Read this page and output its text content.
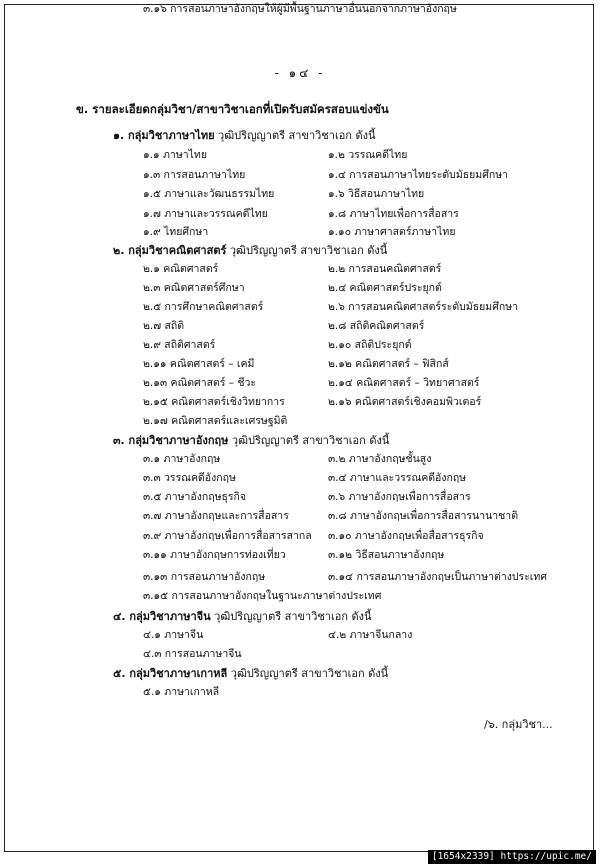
- ๑๔ -
ข. รายละเอียดกลุ่มวิชา/สาขาวิชาเอกที่เปิดรับสมัครสอบแข่งขัน
๑. กลุ่มวิชาภาษาไทย วุฒิปริญญาตรี สาขาวิชาเอก ดังนี้
๑.๑ ภาษาไทย	๑.๒ วรรณคดีไทย
๑.๓ การสอนภาษาไทย	๑.๔ การสอนภาษาไทยระดับมัธยมศึกษา
๑.๕ ภาษาและวัฒนธรรมไทย	๑.๖ วิธีสอนภาษาไทย
๑.๗ ภาษาและวรรณคดีไทย	๑.๘ ภาษาไทยเพื่อการสื่อสาร
๑.๙ ไทยศึกษา	๑.๑๐ ภาษาศาสตร์ภาษาไทย
๒. กลุ่มวิชาคณิตศาสตร์ วุฒิปริญญาตรี สาขาวิชาเอก ดังนี้
๒.๑ คณิตศาสตร์	๒.๒ การสอนคณิตศาสตร์
๒.๓ คณิตศาสตร์ศึกษา	๒.๔ คณิตศาสตร์ประยุกต์
๒.๕ การศึกษาคณิตศาสตร์	๒.๖ การสอนคณิตศาสตร์ระดับมัธยมศึกษา
๒.๗ สถิติ	๒.๘ สถิติคณิตศาสตร์
๒.๙ สถิติศาสตร์	๒.๑๐ สถิติประยุกต์
๒.๑๑ คณิตศาสตร์ – เคมี	๒.๑๒ คณิตศาสตร์ – ฟิสิกส์
๒.๑๓ คณิตศาสตร์ – ชีวะ	๒.๑๔ คณิตศาสตร์ – วิทยาศาสตร์
๒.๑๕ คณิตศาสตร์เชิงวิทยาการ	๒.๑๖ คณิตศาสตร์เชิงคอมพิวเตอร์
๒.๑๗ คณิตศาสตร์และเศรษฐมิติ
๓. กลุ่มวิชาภาษาอังกฤษ วุฒิปริญญาตรี สาขาวิชาเอก ดังนี้
๓.๑ ภาษาอังกฤษ	๓.๒ ภาษาอังกฤษชั้นสูง
๓.๓ วรรณคดีอังกฤษ	๓.๔ ภาษาและวรรณคดีอังกฤษ
๓.๕ ภาษาอังกฤษธุรกิจ	๓.๖ ภาษาอังกฤษเพื่อการสื่อสาร
๓.๗ ภาษาอังกฤษและการสื่อสาร	๓.๘ ภาษาอังกฤษเพื่อการสื่อสารนานาชาติ
๓.๙ ภาษาอังกฤษเพื่อการสื่อสารสากล ๓.๑๐ ภาษาอังกฤษเพื่อสื่อสารธุรกิจ
๓.๑๑ ภาษาอังกฤษการท่องเที่ยว	๓.๑๒ วิธีสอนภาษาอังกฤษ
๓.๑๓ การสอนภาษาอังกฤษ	๓.๑๔ การสอนภาษาอังกฤษเป็นภาษาต่างประเทศ
๓.๑๕ การสอนภาษาอังกฤษในฐานะภาษาต่างประเทศ
๓.๑๖ การสอนภาษาอังกฤษให้ผู้มีพื้นฐานภาษาอื่นนอกจากภาษาอังกฤษ
๔. กลุ่มวิชาภาษาจีน วุฒิปริญญาตรี สาขาวิชาเอก ดังนี้
๔.๑ ภาษาจีน	๔.๒ ภาษาจีนกลาง
๔.๓ การสอนภาษาจีน
๕. กลุ่มวิชาภาษาเกาหลี วุฒิปริญญาตรี สาขาวิชาเอก ดังนี้
๕.๑ ภาษาเกาหลี
/๖. กลุ่มวิชา...
[1654x2339] https://upic.me/
